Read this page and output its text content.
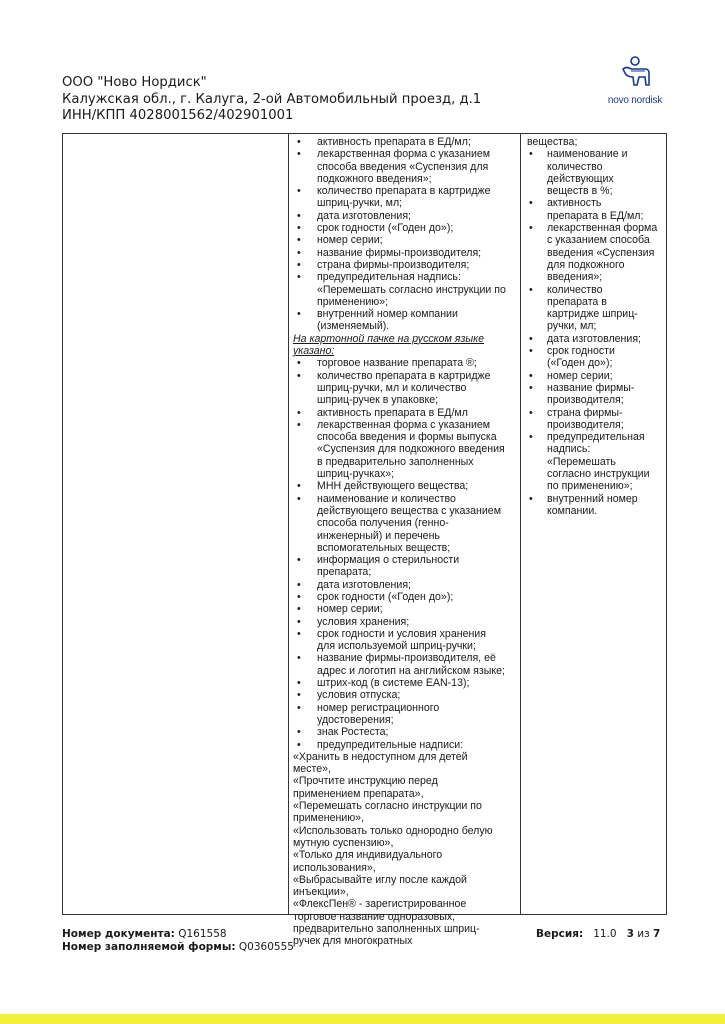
ООО "Ново Нордиск"
Калужская обл., г. Калуга, 2-ой Автомобильный проезд, д.1
ИНН/КПП 4028001562/402901001
novo nordisk
• активность препарата в ЕД/мл;
• лекарственная форма с указанием
способа введения «Суспензия для
подкожного введения»;
• количество препарата в картридже
шприц-ручки, мл;
• дата изготовления;
• срок годности («Годен до»);
• номер серии;
• название фирмы-производителя;
• страна фирмы-производителя;
• предупредительная надпись:
«Перемешать согласно инструкции по
применению»;
• внутренний номер компании
(изменяемый).
На картонной пачке на русском языке
указано:
• торговое название препарата ®;
• количество препарата в картридже
шприц-ручки, мл и количество
шприц-ручек в упаковке;
• активность препарата в ЕД/мл
• лекарственная форма с указанием
способа введения и формы выпуска
«Суспензия для подкожного введения
в предварительно заполненных
шприц-ручках»;
• МНН действующего вещества;
• наименование и количество
действующего вещества с указанием
способа получения (генно-
инженерный) и перечень
вспомогательных веществ;
• информация о стерильности
препарата;
• дата изготовления;
• срок годности («Годен до»);
• номер серии;
• условия хранения;
• срок годности и условия хранения
для используемой шприц-ручки;
• название фирмы-производителя, её
адрес и логотип на английском языке;
• штрих-код (в системе EAN-13);
• условия отпуска;
• номер регистрационного
удостоверения;
• знак Ростеста;
• предупредительные надписи:
«Хранить в недоступном для детей
месте»,
«Прочтите инструкцию перед
применением препарата»,
«Перемешать согласно инструкции по
применению»,
«Использовать только однородно белую
мутную суспензию»,
«Только для индивидуального
использования»,
«Выбрасывайте иглу после каждой
инъекции»,
«ФлексПен® - зарегистрированное
торговое название одноразовых,
предварительно заполненных шприц-
ручек для многократных
вещества;
• наименование и
количество
действующих
веществ в %;
• активность
препарата в ЕД/мл;
• лекарственная форма
с указанием способа
введения «Суспензия
для подкожного
введения»;
• количество
препарата в
картридже шприц-
ручки, мл;
• дата изготовления;
• срок годности
(«Годен до»);
• номер серии;
• название фирмы-
производителя;
• страна фирмы-
производителя;
• предупредительная
надпись:
«Перемешать
согласно инструкции
по применению»;
• внутренний номер
компании.
Номер документа: Q161558
Номер заполняемой формы: Q0360555
Версия: 11.0 3 из 7
